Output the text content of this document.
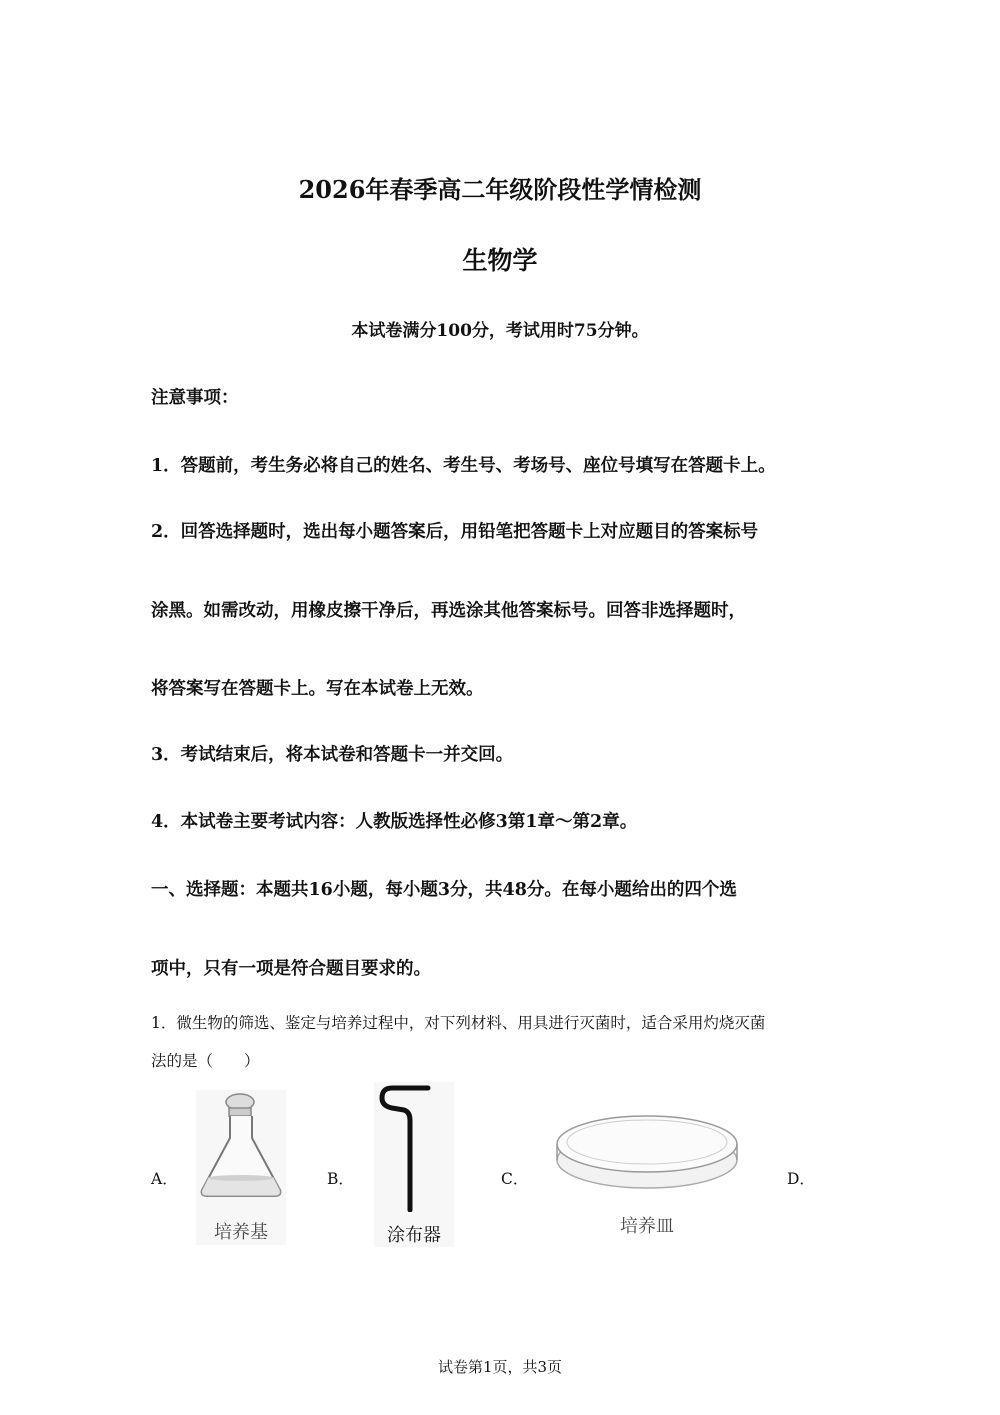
2026年春季高二年级阶段性学情检测
生物学
本试卷满分100分，考试用时75分钟。
注意事项：
1．答题前，考生务必将自己的姓名、考生号、考场号、座位号填写在答题卡上。
2．回答选择题时，选出每小题答案后，用铅笔把答题卡上对应题目的答案标号
涂黑。如需改动，用橡皮擦干净后，再选涂其他答案标号。回答非选择题时，
将答案写在答题卡上。写在本试卷上无效。
3．考试结束后，将本试卷和答题卡一并交回。
4．本试卷主要考试内容：人教版选择性必修3第1章～第2章。
一、选择题：本题共16小题，每小题3分，共48分。在每小题给出的四个选
项中，只有一项是符合题目要求的。
1．微生物的筛选、鉴定与培养过程中，对下列材料、用具进行灭菌时，适合采用灼烧灭菌
法的是（　　）
A．
培养基
B．
涂布器
C．
培养皿
D．
试卷第1页，共3页
